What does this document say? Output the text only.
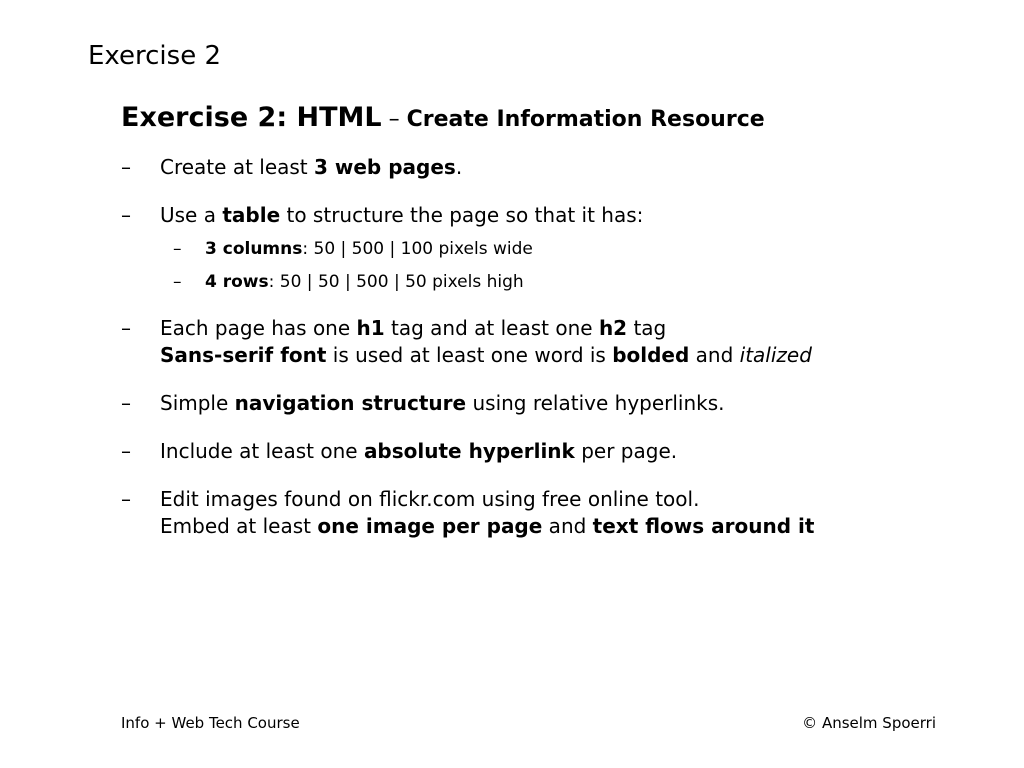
Exercise 2
Exercise 2: HTML – Create Information Resource
– Create at least 3 web pages.
– Use a table to structure the page so that it has:
– 3 columns: 50 | 500 | 100 pixels wide
– 4 rows: 50 | 50 | 500 | 50 pixels high
– Each page has one h1 tag and at least one h2 tag
Sans-serif font is used at least one word is bolded and italized
– Simple navigation structure using relative hyperlinks.
– Include at least one absolute hyperlink per page.
– Edit images found on flickr.com using free online tool.
Embed at least one image per page and text flows around it
Info + Web Tech Course	© Anselm Spoerri
